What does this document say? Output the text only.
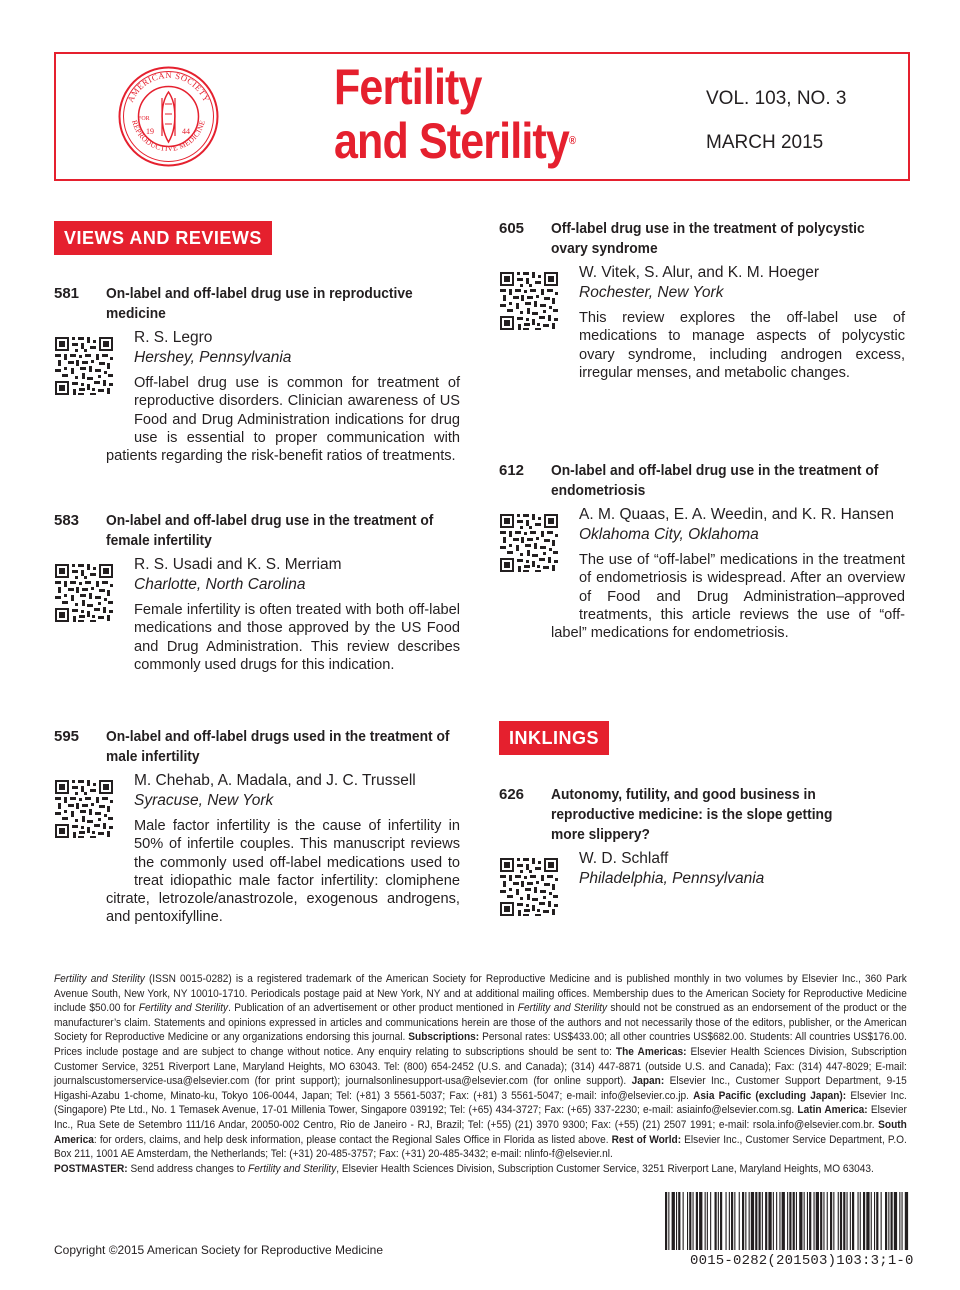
AMERICAN SOCIETY
REPRODUCTIVE MEDICINE
FOR
19	44
Fertility
and Sterility®
VOL. 103, NO. 3
MARCH 2015
VIEWS AND REVIEWS
INKLINGS
581 On-label and off-label drug use in reproductive medicine
R. S. Legro
Hershey, Pennsylvania
Off-label drug use is common for treatment of reproductive disorders. Clinician awareness of US Food and Drug Administration indications for drug use is essential to proper communication with patients regarding the risk-benefit ratios of treatments.
583 On-label and off-label drug use in the treatment of female infertility
R. S. Usadi and K. S. Merriam
Charlotte, North Carolina
Female infertility is often treated with both off-label medications and those approved by the US Food and Drug Administration. This review describes commonly used drugs for this indication.
595 On-label and off-label drugs used in the treatment of male infertility
M. Chehab, A. Madala, and J. C. Trussell
Syracuse, New York
Male factor infertility is the cause of infertility in 50% of infertile couples. This manuscript reviews the commonly used off-label medications used to treat idiopathic male factor infertility: clomiphene citrate, letrozole/anastrozole, exogenous androgens, and pentoxifylline.
605 Off-label drug use in the treatment of polycystic ovary syndrome
W. Vitek, S. Alur, and K. M. Hoeger
Rochester, New York
This review explores the off-label use of medications to manage aspects of polycystic ovary syndrome, including androgen excess, irregular menses, and metabolic changes.
612 On-label and off-label drug use in the treatment of endometriosis
A. M. Quaas, E. A. Weedin, and K. R. Hansen
Oklahoma City, Oklahoma
The use of “off-label” medications in the treatment of endometriosis is widespread. After an overview of Food and Drug Administration–approved treatments, this article reviews the use of “off-label” medications for endometriosis.
626 Autonomy, futility, and good business in reproductive medicine: is the slope getting more slippery?
W. D. Schlaff
Philadelphia, Pennsylvania

Fertility and Sterility (ISSN 0015-0282) is a registered trademark of the American Society for Reproductive Medicine and is published monthly in two volumes by Elsevier Inc., 360 Park Avenue South, New York, NY 10010-1710. Periodicals postage paid at New York, NY and at additional mailing offices. Membership dues to the American Society for Reproductive Medicine include $50.00 for Fertility and Sterility. Publication of an advertisement or other product mentioned in Fertility and Sterility should not be construed as an endorsement of the product or the manufacturer’s claim. Statements and opinions expressed in articles and communications herein are those of the authors and not necessarily those of the editors, publisher, or the American Society for Reproductive Medicine or any organizations endorsing this journal. Subscriptions: Personal rates: US$433.00; all other countries US$682.00. Students: All countries US$176.00. Prices include postage and are subject to change without notice. Any enquiry relating to subscriptions should be sent to: The Americas: Elsevier Health Sciences Division, Subscription Customer Service, 3251 Riverport Lane, Maryland Heights, MO 63043. Tel: (800) 654-2452 (U.S. and Canada); (314) 447-8871 (outside U.S. and Canada); Fax: (314) 447-8029; E-mail: journalscustomerservice-usa@elsevier.com (for print support); journalsonlinesupport-usa@elsevier.com (for online support). Japan: Elsevier Inc., Customer Support Department, 9-15 Higashi-Azabu 1-chome, Minato-ku, Tokyo 106-0044, Japan; Tel: (+81) 3 5561-5037; Fax: (+81) 3 5561-5047; e-mail: info@elsevier.co.jp. Asia Pacific (excluding Japan): Elsevier Inc. (Singapore) Pte Ltd., No. 1 Temasek Avenue, 17-01 Millenia Tower, Singapore 039192; Tel: (+65) 434-3727; Fax: (+65) 337-2230; e-mail: asiainfo@elsevier.com.sg. Latin America: Elsevier Inc., Rua Sete de Setembro 111/16 Andar, 20050-002 Centro, Rio de Janeiro - RJ, Brazil; Tel: (+55) (21) 3970 9300; Fax: (+55) (21) 2507 1991; e-mail: rsola.info@elsevier.com.br. South America: for orders, claims, and help desk information, please contact the Regional Sales Office in Florida as listed above. Rest of World: Elsevier Inc., Customer Service Department, P.O. Box 211, 1001 AE Amsterdam, the Netherlands; Tel: (+31) 20-485-3757; Fax: (+31) 20-485-3432; e-mail: nlinfo-f@elsevier.nl.

POSTMASTER: Send address changes to Fertility and Sterility, Elsevier Health Sciences Division, Subscription Customer Service, 3251 Riverport Lane, Maryland Heights, MO 63043.

Copyright ©2015 American Society for Reproductive Medicine
0015-0282(201503)103:3;1-0
